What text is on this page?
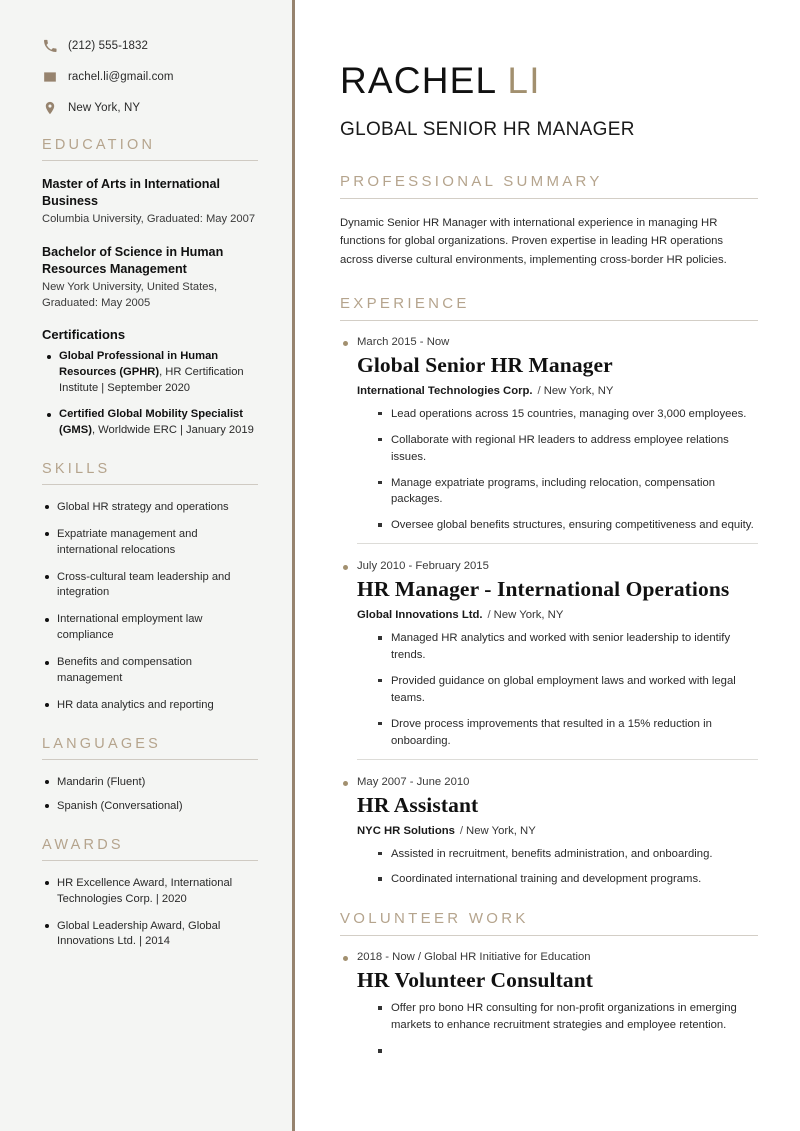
(212) 555-1832
rachel.li@gmail.com
New York, NY
EDUCATION
Master of Arts in International Business
Columbia University, Graduated: May 2007
Bachelor of Science in Human Resources Management
New York University, United States, Graduated: May 2005
Certifications
Global Professional in Human Resources (GPHR), HR Certification Institute | September 2020
Certified Global Mobility Specialist (GMS), Worldwide ERC | January 2019
SKILLS
Global HR strategy and operations
Expatriate management and international relocations
Cross-cultural team leadership and integration
International employment law compliance
Benefits and compensation management
HR data analytics and reporting
LANGUAGES
Mandarin (Fluent)
Spanish (Conversational)
AWARDS
HR Excellence Award, International Technologies Corp. | 2020
Global Leadership Award, Global Innovations Ltd. | 2014
RACHEL LI
GLOBAL SENIOR HR MANAGER
PROFESSIONAL SUMMARY

Dynamic Senior HR Manager with international experience in managing HR functions for global organizations. Proven expertise in leading HR operations across diverse cultural environments, implementing cross-border HR policies.

EXPERIENCE
March 2015 - Now
Global Senior HR Manager
International Technologies Corp. / New York, NY
Lead operations across 15 countries, managing over 3,000 employees.
Collaborate with regional HR leaders to address employee relations issues.
Manage expatriate programs, including relocation, compensation packages.
Oversee global benefits structures, ensuring competitiveness and equity.
July 2010 - February 2015
HR Manager - International Operations
Global Innovations Ltd. / New York, NY
Managed HR analytics and worked with senior leadership to identify trends.
Provided guidance on global employment laws and worked with legal teams.
Drove process improvements that resulted in a 15% reduction in onboarding.
May 2007 - June 2010
HR Assistant
NYC HR Solutions / New York, NY
Assisted in recruitment, benefits administration, and onboarding.
Coordinated international training and development programs.
VOLUNTEER WORK
2018 - Now / Global HR Initiative for Education
HR Volunteer Consultant
Offer pro bono HR consulting for non-profit organizations in emerging markets to enhance recruitment strategies and employee retention.
